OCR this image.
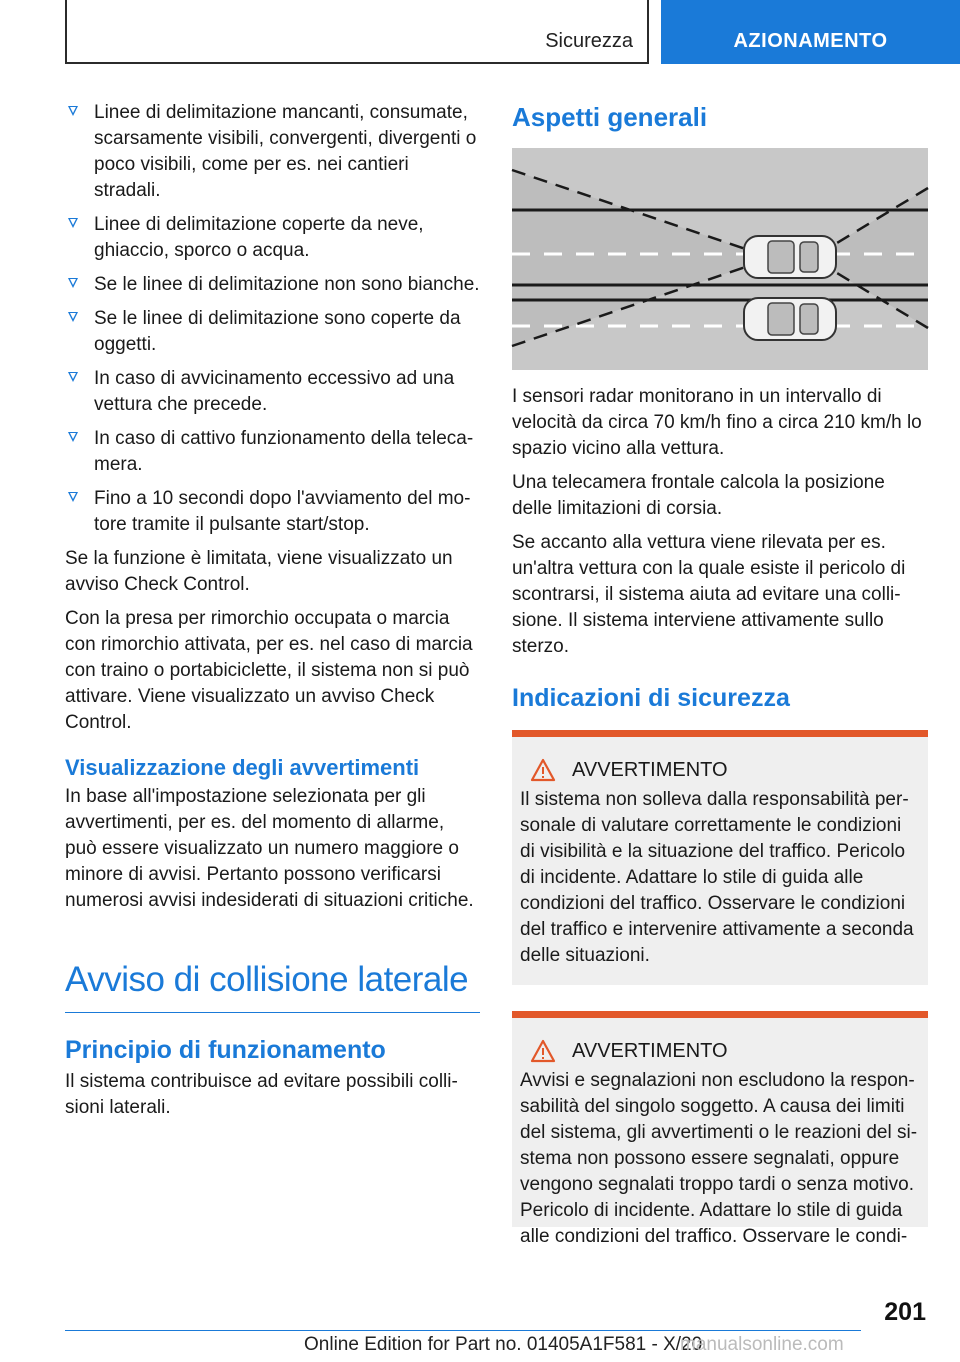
Sicurezza	AZIONAMENTO
Linee di delimitazione mancanti, consumate, scarsamente visibili, convergenti, divergenti o poco visibili, come per es. nei cantieri stradali.
Linee di delimitazione coperte da neve, ghiaccio, sporco o acqua.
Se le linee di delimitazione non sono bianche.
Se le linee di delimitazione sono coperte da oggetti.
In caso di avvicinamento eccessivo ad una vettura che precede.
In caso di cattivo funzionamento della telecamera.
Fino a 10 secondi dopo l'avviamento del motore tramite il pulsante start/stop.

Se la funzione è limitata, viene visualizzato un avviso Check Control.

Con la presa per rimorchio occupata o marcia con rimorchio attivata, per es. nel caso di marcia con traino o portabiciclette, il sistema non si può attivare. Viene visualizzato un avviso Check Control.

Visualizzazione degli avvertimenti

In base all'impostazione selezionata per gli avvertimenti, per es. del momento di allarme, può essere visualizzato un numero maggiore o minore di avvisi. Pertanto possono verificarsi numerosi avvisi indesiderati di situazioni critiche.

Avviso di collisione laterale
Principio di funzionamento

Il sistema contribuisce ad evitare possibili collisioni laterali.

Aspetti generali

I sensori radar monitorano in un intervallo di velocità da circa 70 km/h fino a circa 210 km/h lo spazio vicino alla vettura.

Una telecamera frontale calcola la posizione delle limitazioni di corsia.

Se accanto alla vettura viene rilevata per es. un'altra vettura con la quale esiste il pericolo di scontrarsi, il sistema aiuta ad evitare una collisione. Il sistema interviene attivamente sullo sterzo.

Indicazioni di sicurezza
AVVERTIMENTO

Il sistema non solleva dalla responsabilità personale di valutare correttamente le condizioni di visibilità e la situazione del traffico. Pericolo di incidente. Adattare lo stile di guida alle condizioni del traffico. Osservare le condizioni del traffico e intervenire attivamente a seconda delle situazioni.

AVVERTIMENTO

Avvisi e segnalazioni non escludono la responsabilità del singolo soggetto. A causa dei limiti del sistema, gli avvertimenti o le reazioni del sistema non possono essere segnalati, oppure vengono segnalati troppo tardi o senza motivo. Pericolo di incidente. Adattare lo stile di guida alle condizioni del traffico. Osservare le condi-

201
Online Edition for Part no. 01405A1F581 - X/20
manualsonline.com
